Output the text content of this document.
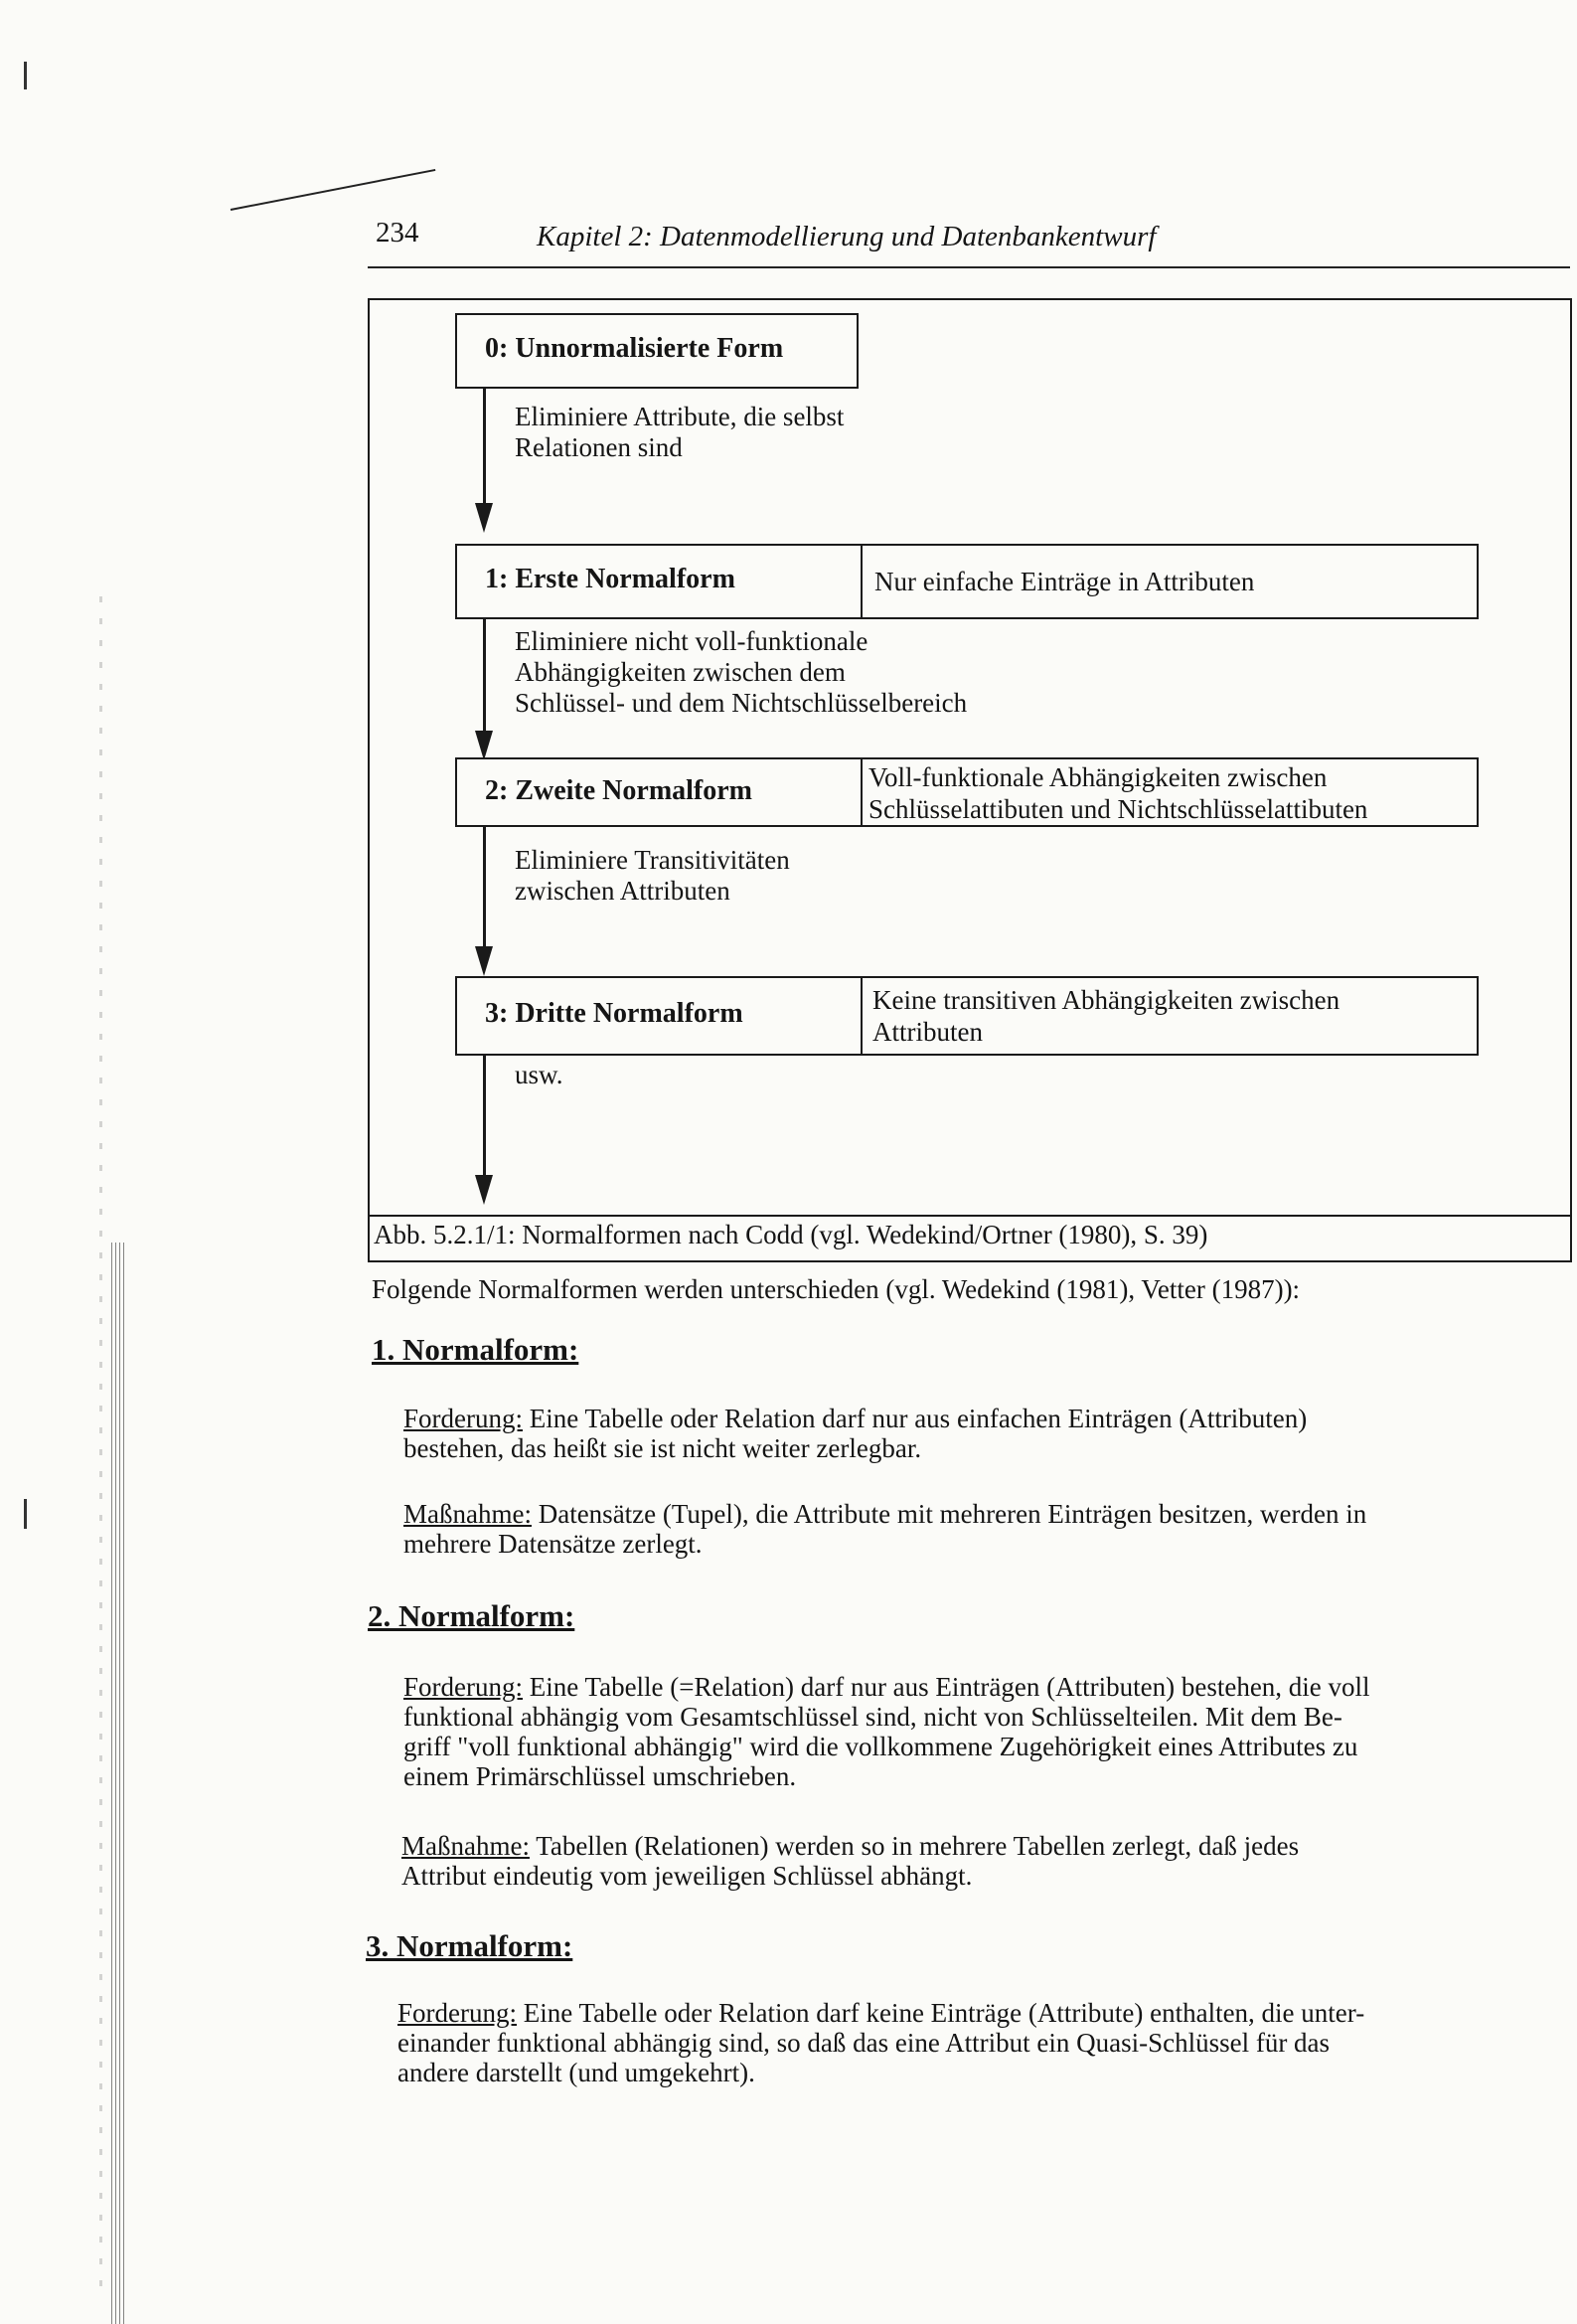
234	Kapitel 2: Datenmodellierung und Datenbankentwurf
0: Unnormalisierte Form
Eliminiere Attribute, die selbst
Relationen sind
1: Erste Normalform	Nur einfache Einträge in Attributen
Eliminiere nicht voll-funktionale
Abhängigkeiten zwischen dem
Schlüssel- und dem Nichtschlüsselbereich
2: Zweite Normalform	Voll-funktionale Abhängigkeiten zwischen
Schlüsselattibuten und Nichtschlüsselattibuten
Eliminiere Transitivitäten
zwischen Attributen
3: Dritte Normalform	Keine transitiven Abhängigkeiten zwischen
Attributen
usw.
Abb. 5.2.1/1: Normalformen nach Codd (vgl. Wedekind/Ortner (1980), S. 39)
Folgende Normalformen werden unterschieden (vgl. Wedekind (1981), Vetter (1987)):
1. Normalform:
Forderung: Eine Tabelle oder Relation darf nur aus einfachen Einträgen (Attributen)
bestehen, das heißt sie ist nicht weiter zerlegbar.
Maßnahme: Datensätze (Tupel), die Attribute mit mehreren Einträgen besitzen, werden in
mehrere Datensätze zerlegt.
2. Normalform:
Forderung: Eine Tabelle (=Relation) darf nur aus Einträgen (Attributen) bestehen, die voll
funktional abhängig vom Gesamtschlüssel sind, nicht von Schlüsselteilen. Mit dem Be-
griff "voll funktional abhängig" wird die vollkommene Zugehörigkeit eines Attributes zu
einem Primärschlüssel umschrieben.
Maßnahme: Tabellen (Relationen) werden so in mehrere Tabellen zerlegt, daß jedes
Attribut eindeutig vom jeweiligen Schlüssel abhängt.
3. Normalform:
Forderung: Eine Tabelle oder Relation darf keine Einträge (Attribute) enthalten, die unter-
einander funktional abhängig sind, so daß das eine Attribut ein Quasi-Schlüssel für das
andere darstellt (und umgekehrt).
